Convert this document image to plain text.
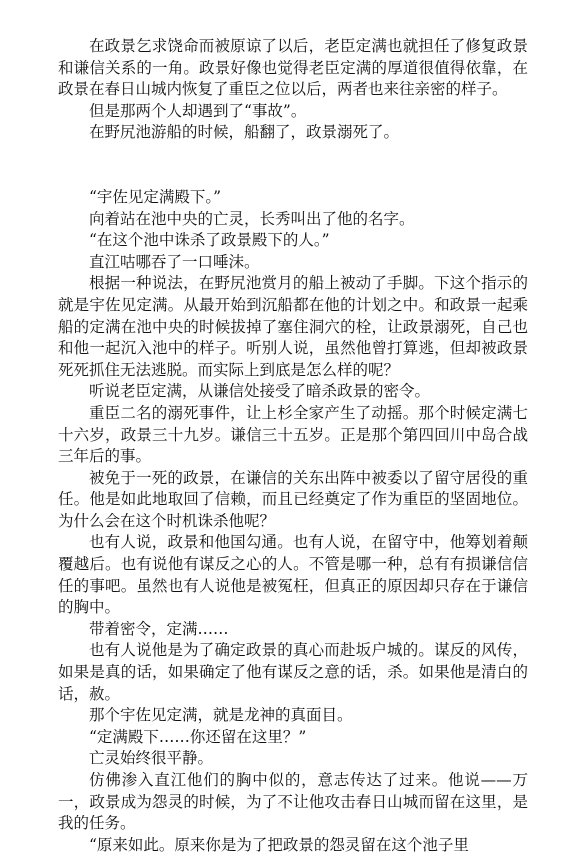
在政景乞求饶命而被原谅了以后，老臣定满也就担任了修复政景和谦信关系的一角。政景好像也觉得老臣定满的厚道很值得依靠，在政景在春日山城内恢复了重臣之位以后，两者也来往亲密的样子。

但是那两个人却遇到了“事故”。

在野尻池游船的时候，船翻了，政景溺死了。

“宇佐见定满殿下。”

向着站在池中央的亡灵，长秀叫出了他的名字。

“在这个池中诛杀了政景殿下的人。”

直江咕哪吞了一口唾沫。

根据一种说法，在野尻池赏月的船上被动了手脚。下这个指示的就是宇佐见定满。从最开始到沉船都在他的计划之中。和政景一起乘船的定满在池中央的时候拔掉了塞住洞穴的栓，让政景溺死，自己也和他一起沉入池中的样子。听别人说，虽然他曾打算逃，但却被政景死死抓住无法逃脱。而实际上到底是怎么样的呢？

听说老臣定满，从谦信处接受了暗杀政景的密令。

重臣二名的溺死事件，让上杉全家产生了动摇。那个时候定满七十六岁，政景三十九岁。谦信三十五岁。正是那个第四回川中岛合战三年后的事。

被免于一死的政景，在谦信的关东出阵中被委以了留守居役的重任。他是如此地取回了信赖，而且已经奠定了作为重臣的坚固地位。为什么会在这个时机诛杀他呢？

也有人说，政景和他国勾通。也有人说，在留守中，他筹划着颠覆越后。也有说他有谋反之心的人。不管是哪一种，总有有损谦信信任的事吧。虽然也有人说他是被冤枉，但真正的原因却只存在于谦信的胸中。

带着密令，定满……

也有人说他是为了确定政景的真心而赴坂户城的。谋反的风传，如果是真的话，如果确定了他有谋反之意的话，杀。如果他是清白的话，赦。

那个宇佐见定满，就是龙神的真面目。

“定满殿下……你还留在这里？”

亡灵始终很平静。

仿佛渗入直江他们的胸中似的，意志传达了过来。他说——万一，政景成为怨灵的时候，为了不让他攻击春日山城而留在这里，是我的任务。

“原来如此。原来你是为了把政景的怨灵留在这个池子里
